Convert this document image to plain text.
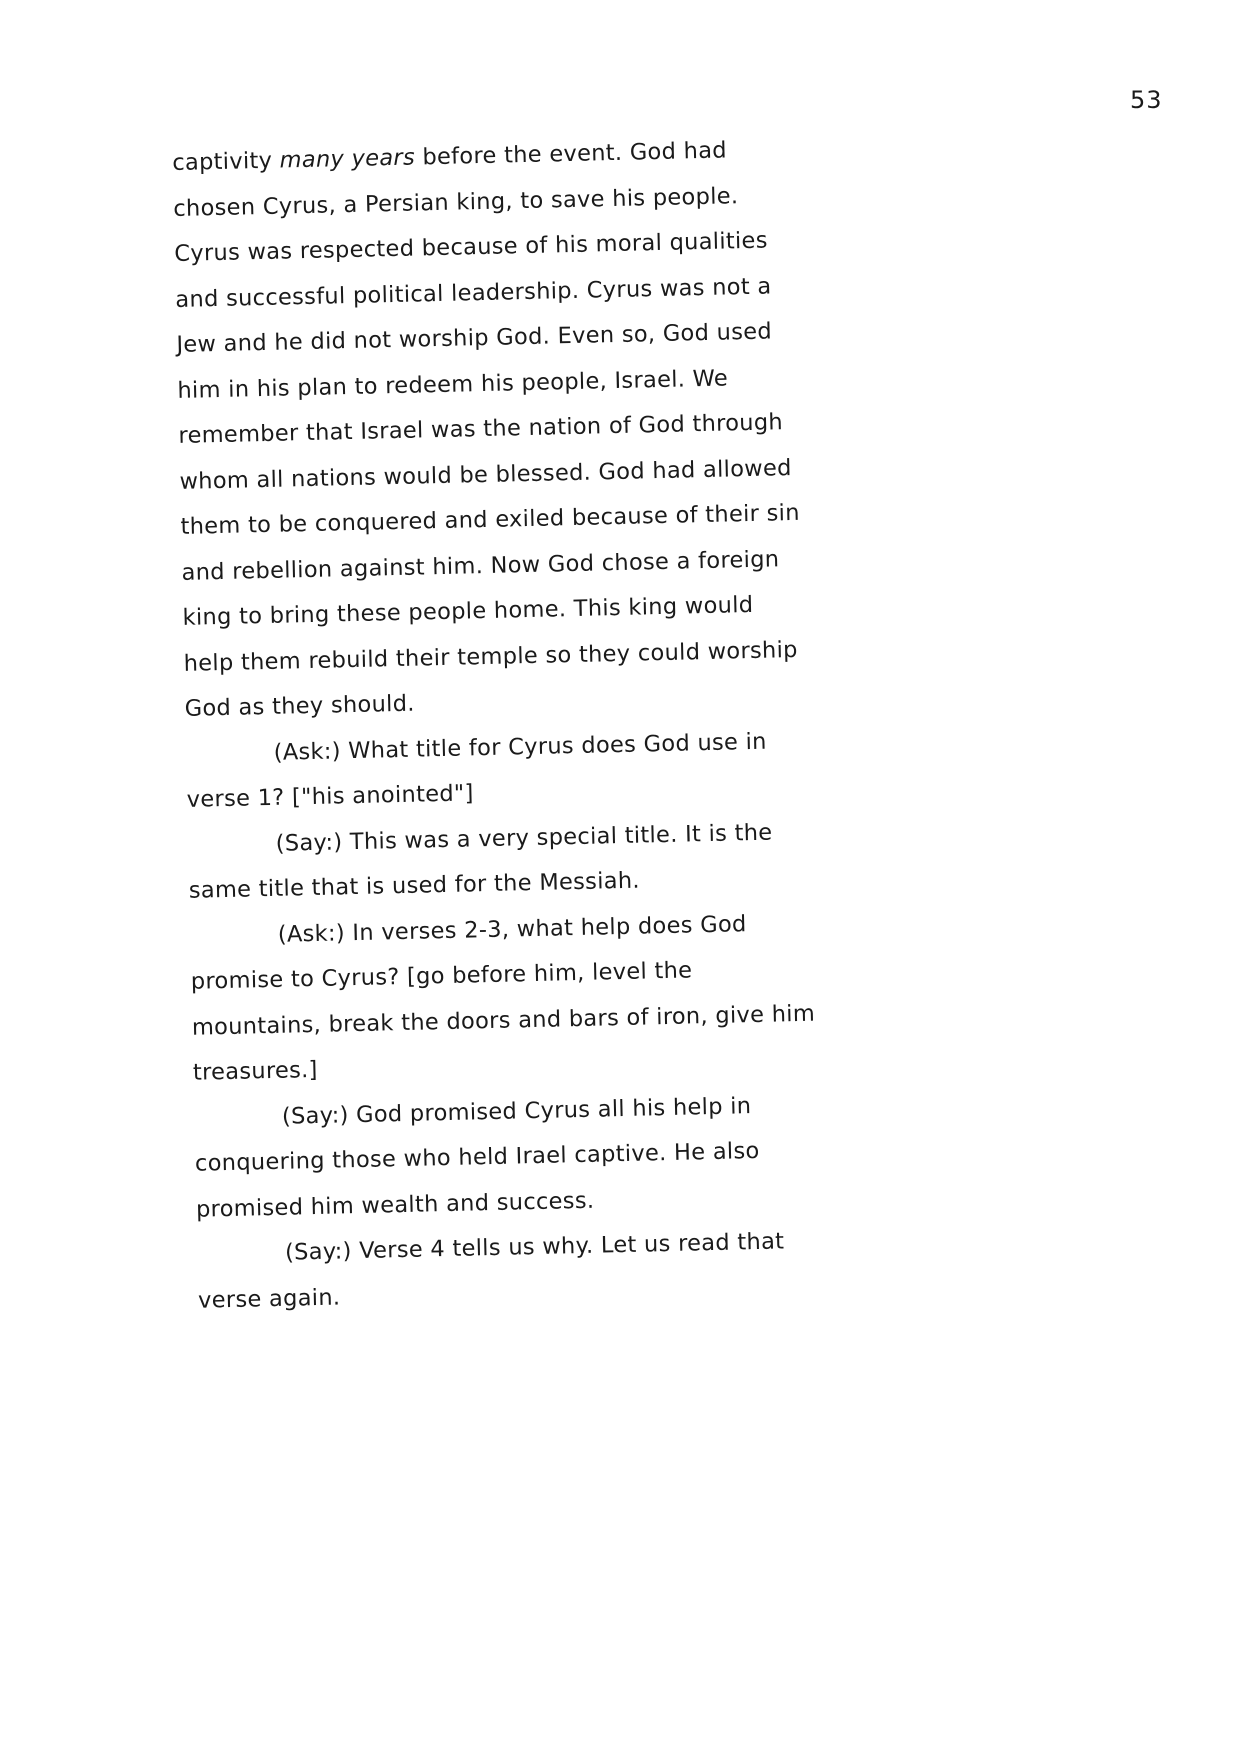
53
captivity many years before the event. God had
chosen Cyrus, a Persian king, to save his people.
Cyrus was respected because of his moral qualities
and successful political leadership. Cyrus was not a
Jew and he did not worship God. Even so, God used
him in his plan to redeem his people, Israel. We
remember that Israel was the nation of God through
whom all nations would be blessed. God had allowed
them to be conquered and exiled because of their sin
and rebellion against him. Now God chose a foreign
king to bring these people home. This king would
help them rebuild their temple so they could worship
God as they should.
(Ask:) What title for Cyrus does God use in
verse 1? ["his anointed"]
(Say:) This was a very special title. It is the
same title that is used for the Messiah.
(Ask:) In verses 2-3, what help does God
promise to Cyrus? [go before him, level the
mountains, break the doors and bars of iron, give him
treasures.]
(Say:) God promised Cyrus all his help in
conquering those who held Irael captive. He also
promised him wealth and success.
(Say:) Verse 4 tells us why. Let us read that
verse again.
